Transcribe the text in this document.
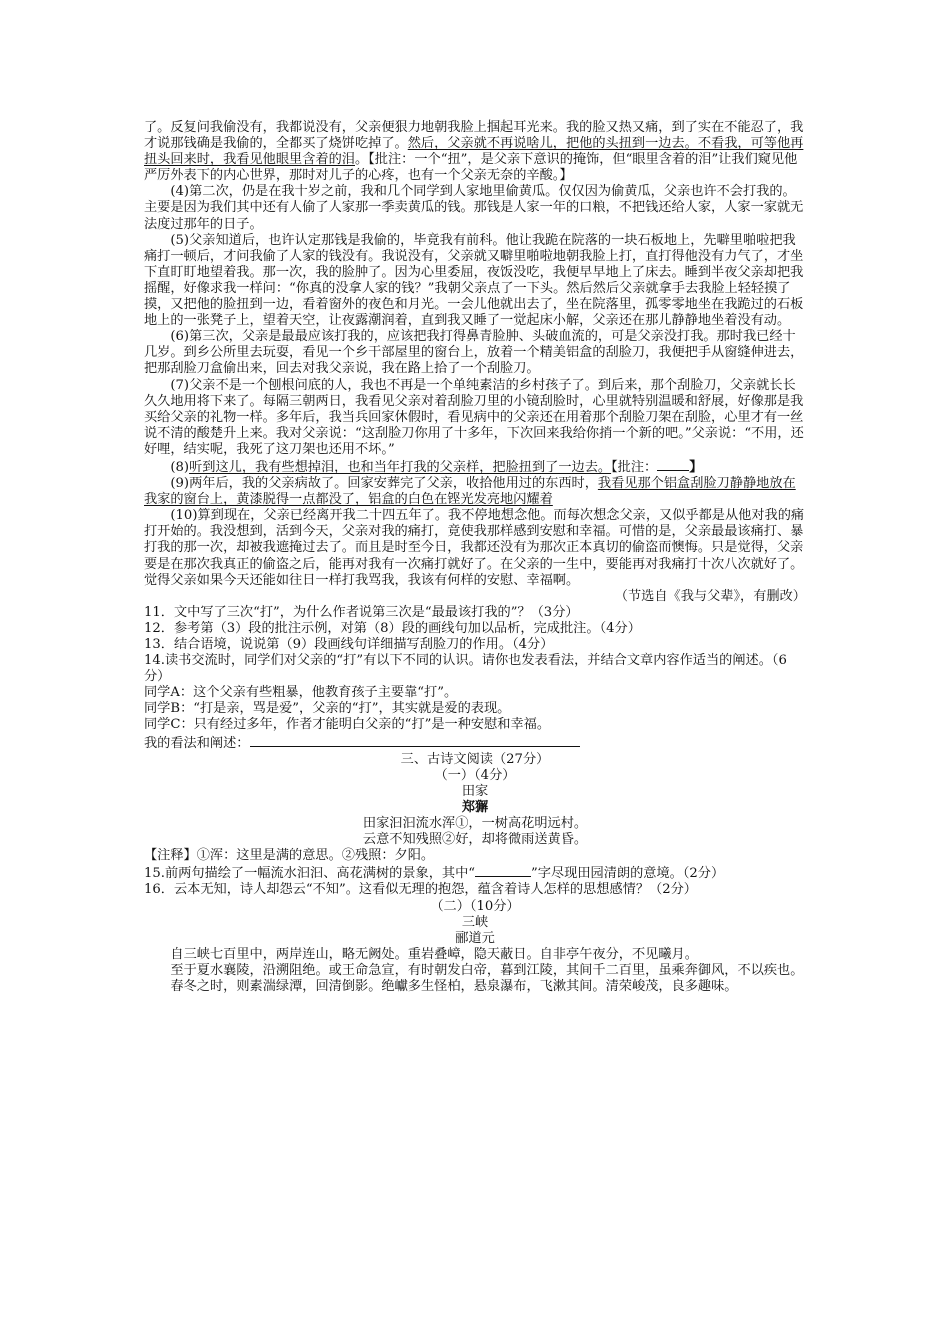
了。反复问我偷没有，我都说没有，父亲便狠力地朝我脸上掴起耳光来。我的脸又热又痛，到了实在不能忍了，我才说那钱确是我偷的，全都买了烧饼吃掉了。然后，父亲就不再说啥儿，把他的头扭到一边去。不看我，可等他再扭头回来时，我看见他眼里含着的泪。【批注：一个“扭”，是父亲下意识的掩饰，但“眼里含着的泪”让我们窥见他严厉外表下的内心世界，那时对儿子的心疼，也有一个父亲无奈的辛酸。】

(4)第二次，仍是在我十岁之前，我和几个同学到人家地里偷黄瓜。仅仅因为偷黄瓜，父亲也许不会打我的。主要是因为我们其中还有人偷了人家那一季卖黄瓜的钱。那钱是人家一年的口粮，不把钱还给人家，人家一家就无法度过那年的日子。

(5)父亲知道后，也许认定那钱是我偷的，毕竟我有前科。他让我跪在院落的一块石板地上，先噼里啪啦把我痛打一顿后，才问我偷了人家的钱没有。我说没有，父亲就又噼里啪啦地朝我脸上打，直打得他没有力气了，才坐下直盯盯地望着我。那一次，我的脸肿了。因为心里委屈，夜饭没吃，我便早早地上了床去。睡到半夜父亲却把我摇醒，好像求我一样问：“你真的没拿人家的钱？”我朝父亲点了一下头。然后然后父亲就拿手去我脸上轻轻摸了摸，又把他的脸扭到一边，看着窗外的夜色和月光。一会儿他就出去了，坐在院落里，孤零零地坐在我跪过的石板地上的一张凳子上，望着天空，让夜露潮润着，直到我又睡了一觉起床小解，父亲还在那儿静静地坐着没有动。

(6)第三次，父亲是最最应该打我的，应该把我打得鼻青脸肿、头破血流的，可是父亲没打我。那时我已经十几岁。到乡公所里去玩耍，看见一个乡干部屋里的窗台上，放着一个精美铝盒的刮脸刀，我便把手从窗缝伸进去，把那刮脸刀盒偷出来，回去对我父亲说，我在路上拾了一个刮脸刀。

(7)父亲不是一个刨根问底的人，我也不再是一个单纯素洁的乡村孩子了。到后来，那个刮脸刀，父亲就长长久久地用将下来了。每隔三朝两日，我看见父亲对着刮脸刀里的小镜刮脸时，心里就特别温暖和舒展，好像那是我买给父亲的礼物一样。多年后，我当兵回家休假时，看见病中的父亲还在用着那个刮脸刀架在刮脸，心里才有一丝说不清的酸楚升上来。我对父亲说：“这刮脸刀你用了十多年，下次回来我给你捎一个新的吧。”父亲说：“不用，还好哩，结实呢，我死了这刀架也还用不坏。”

(8)听到这儿，我有些想掉泪，也和当年打我的父亲样，把脸扭到了一边去。【批注： 】

(9)两年后，我的父亲病故了。回家安葬完了父亲，收拾他用过的东西时，我看见那个铝盒刮脸刀静静地放在我家的窗台上，黄漆脱得一点都没了，铝盒的白色在铿光发亮地闪耀着

(10)算到现在，父亲已经离开我二十四五年了。我不停地想念他。而每次想念父亲，又似乎都是从他对我的痛打开始的。我没想到，活到今天，父亲对我的痛打，竟使我那样感到安慰和幸福。可惜的是，父亲最最该痛打、暴打我的那一次，却被我遮掩过去了。而且是时至今日，我都还没有为那次正本真切的偷盗而懊悔。只是觉得，父亲要是在那次我真正的偷盗之后，能再对我有一次痛打就好了。在父亲的一生中，要能再对我痛打十次八次就好了。觉得父亲如果今天还能如往日一样打我骂我，我该有何样的安慰、幸福啊。

（节选自《我与父辈》，有删改）

11．文中写了三次“打”，为什么作者说第三次是“最最该打我的”？（3分）

12．参考第（3）段的批注示例，对第（8）段的画线句加以品析，完成批注。（4分）

13．结合语境，说说第（9）段画线句详细描写刮脸刀的作用。（4分）

14.读书交流时，同学们对父亲的“打”有以下不同的认识。请你也发表看法，并结合文章内容作适当的阐述。（6分）

同学A：这个父亲有些粗暴，他教育孩子主要靠“打”。

同学B：“打是亲，骂是爱”，父亲的“打”，其实就是爱的表现。

同学C：只有经过多年，作者才能明白父亲的“打”是一种安慰和幸福。

我的看法和阐述：

三、古诗文阅读（27分）

（一）（4分）

田家

郑獬

田家汩汩流水浑①，一树高花明远村。

云意不知残照②好，却将微雨送黄昏。

【注释】①浑：这里是满的意思。②残照：夕阳。

15.前两句描绘了一幅流水汩汩、高花满树的景象，其中“	”字尽现田园清朗的意境。（2分）

16．云本无知，诗人却怨云“不知”。这看似无理的抱怨，蕴含着诗人怎样的思想感情？（2分）

（二）（10分）

三峡

郦道元

自三峡七百里中，两岸连山，略无阙处。重岩叠嶂，隐天蔽日。自非亭午夜分，不见曦月。

至于夏水襄陵，沿溯阻绝。或王命急宣，有时朝发白帝，暮到江陵，其间千二百里，虽乘奔御风，不以疾也。

春冬之时，则素湍绿潭，回清倒影。绝巘多生怪柏，悬泉瀑布，飞漱其间。清荣峻茂，良多趣味。
